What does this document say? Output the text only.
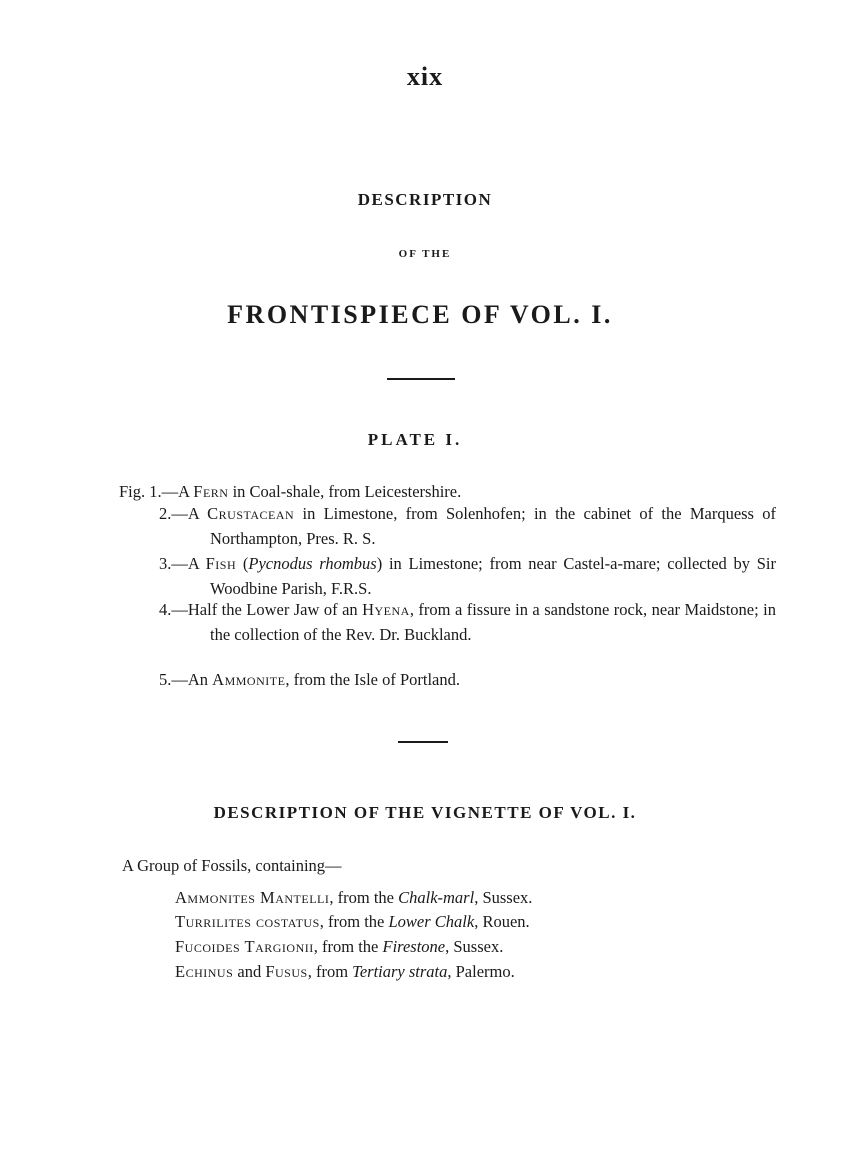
xix
DESCRIPTION
OF THE
FRONTISPIECE OF VOL. I.
PLATE I.
Fig. 1.—A Fern in Coal-shale, from Leicestershire.
2.—A Crustacean in Limestone, from Solenhofen; in the cabinet of the Marquess of Northampton, Pres. R. S.
3.—A Fish (Pycnodus rhombus) in Limestone; from near Castel-a-mare; collected by Sir Woodbine Parish, F.R.S.
4.—Half the Lower Jaw of an Hyena, from a fissure in a sandstone rock, near Maidstone; in the collection of the Rev. Dr. Buckland.
5.—An Ammonite, from the Isle of Portland.
DESCRIPTION OF THE VIGNETTE OF VOL. I.
A Group of Fossils, containing—
Ammonites Mantelli, from the Chalk-marl, Sussex.
Turrilites costatus, from the Lower Chalk, Rouen.
Fucoides Targionii, from the Firestone, Sussex.
Echinus and Fusus, from Tertiary strata, Palermo.
